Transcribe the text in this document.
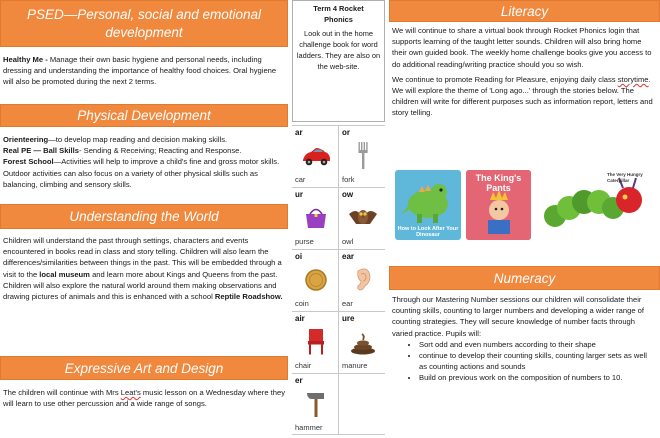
PSED—Personal, social and emotional development
Healthy Me - Manage their own basic hygiene and personal needs, including dressing and understanding the importance of healthy food choices. Oral hygiene will also be promoted during the next 2 terms.
Physical Development
Orienteering—to develop map reading and decision making skills.
Real PE — Ball Skills- Sending & Receiving; Reacting and Response.
Forest School—Activities will help to improve a child's fine and gross motor skills. Outdoor activities can also focus on a variety of other physical skills such as balancing, climbing and sensory skills.
Understanding the World
Children will understand the past through settings, characters and events encountered in books read in class and story telling. Children will also learn the differences/similarities between things in the past. This will be embedded through a visit to the local museum and learn more about Kings and Queens from the past. Children will also explore the natural world around them making observations and drawing pictures of animals and this is enhanced with a school Reptile Roadshow.
Expressive Art and Design
The children will continue with Mrs Leat's music lesson on a Wednesday where they will learn to use other percussion and a wide range of songs.
Term 4 Rocket
Phonics
Look out in the home challenge book for word ladders. They are also on the web-site.
ar
car
or
fork
ur
purse
ow
owl
oi
coin
ear
ear
air
chair
ure
manure
er
hammer
Literacy
We will continue to share a virtual book through Rocket Phonics login that supports learning of the taught letter sounds. Children will also bring home their own guided book. The weekly home challenge books give you access to do additional reading/writing practice should you so wish.
We continue to promote Reading for Pleasure, enjoying daily class storytime. We will explore the theme of 'Long ago...' through the stories below. The children will write for different purposes such as information report, letters and story telling.
How to Look After Your Dinosaur
The King's Pants
The Very Hungry Caterpillar
Numeracy
Through our Mastering Number sessions our children will consolidate their counting skills, counting to larger numbers and developing a wider range of counting strategies. They will secure knowledge of number facts through varied practice. Pupils will:
• Sort odd and even numbers according to their shape
• continue to develop their counting skills, counting larger sets as well as counting actions and sounds
• Build on previous work on the composition of numbers to 10.
